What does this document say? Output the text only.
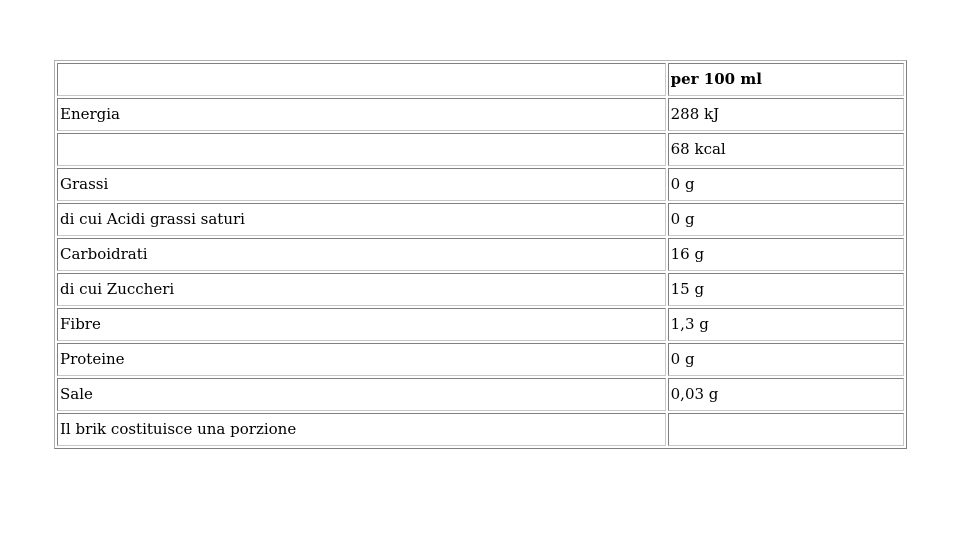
	per 100 ml
Energia	288 kJ
	68 kcal
Grassi	0 g
di cui Acidi grassi saturi	0 g
Carboidrati	16 g
di cui Zuccheri	15 g
Fibre	1,3 g
Proteine	0 g
Sale	0,03 g
Il brik costituisce una porzione	
